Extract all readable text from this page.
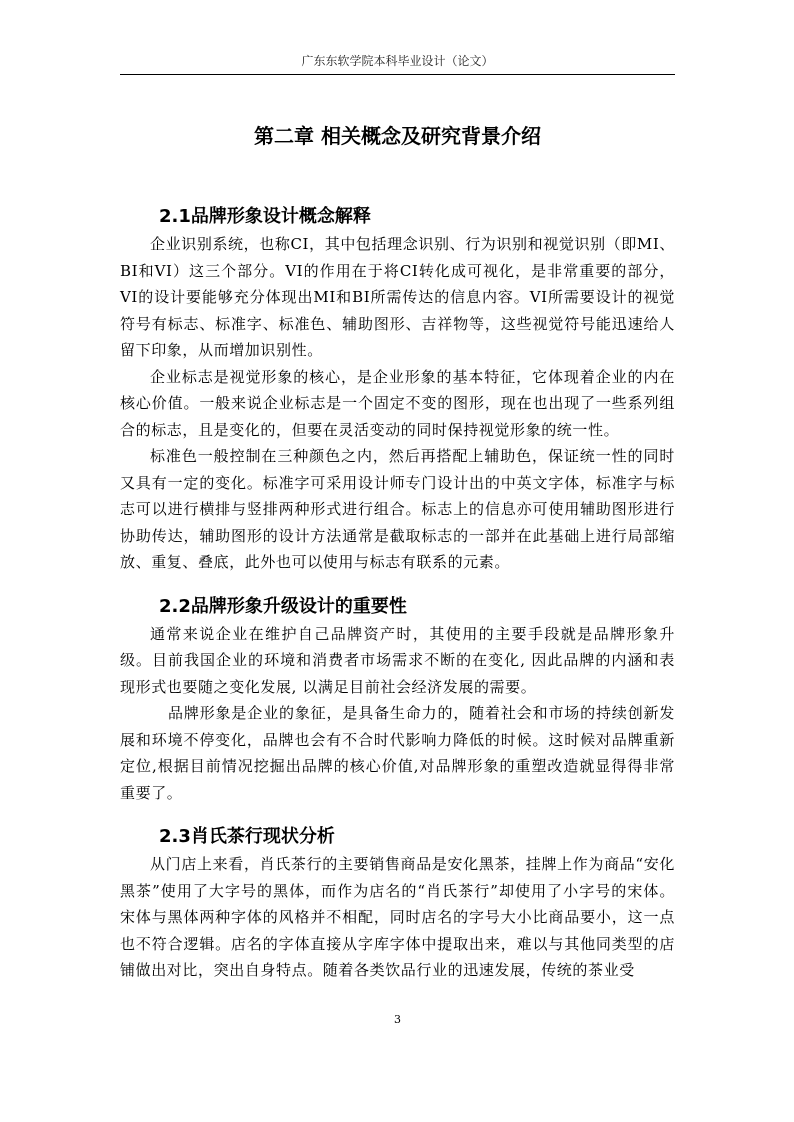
广东东软学院本科毕业设计（论文）
第二章 相关概念及研究背景介绍
2.1品牌形象设计概念解释

企业识别系统，也称CI，其中包括理念识别、行为识别和视觉识别（即MI、BI和VI）这三个部分。VI的作用在于将CI转化成可视化，是非常重要的部分，VI的设计要能够充分体现出MI和BI所需传达的信息内容。VI所需要设计的视觉符号有标志、标准字、标准色、辅助图形、吉祥物等，这些视觉符号能迅速给人留下印象，从而增加识别性。

企业标志是视觉形象的核心，是企业形象的基本特征，它体现着企业的内在核心价值。一般来说企业标志是一个固定不变的图形，现在也出现了一些系列组合的标志，且是变化的，但要在灵活变动的同时保持视觉形象的统一性。

标准色一般控制在三种颜色之内，然后再搭配上辅助色，保证统一性的同时又具有一定的变化。标准字可采用设计师专门设计出的中英文字体，标准字与标志可以进行横排与竖排两种形式进行组合。标志上的信息亦可使用辅助图形进行协助传达，辅助图形的设计方法通常是截取标志的一部并在此基础上进行局部缩放、重复、叠底，此外也可以使用与标志有联系的元素。

2.2品牌形象升级设计的重要性

通常来说企业在维护自己品牌资产时，其使用的主要手段就是品牌形象升级。目前我国企业的环境和消费者市场需求不断的在变化, 因此品牌的内涵和表现形式也要随之变化发展, 以满足目前社会经济发展的需要。

品牌形象是企业的象征，是具备生命力的，随着社会和市场的持续创新发展和环境不停变化，品牌也会有不合时代影响力降低的时候。这时候对品牌重新定位,根据目前情况挖掘出品牌的核心价值,对品牌形象的重塑改造就显得得非常重要了。

2.3肖氏茶行现状分析

从门店上来看，肖氏茶行的主要销售商品是安化黑茶，挂牌上作为商品“安化黑茶”使用了大字号的黑体，而作为店名的“肖氏茶行”却使用了小字号的宋体。宋体与黑体两种字体的风格并不相配，同时店名的字号大小比商品要小，这一点也不符合逻辑。店名的字体直接从字库字体中提取出来，难以与其他同类型的店铺做出对比，突出自身特点。随着各类饮品行业的迅速发展，传统的茶业受

3
